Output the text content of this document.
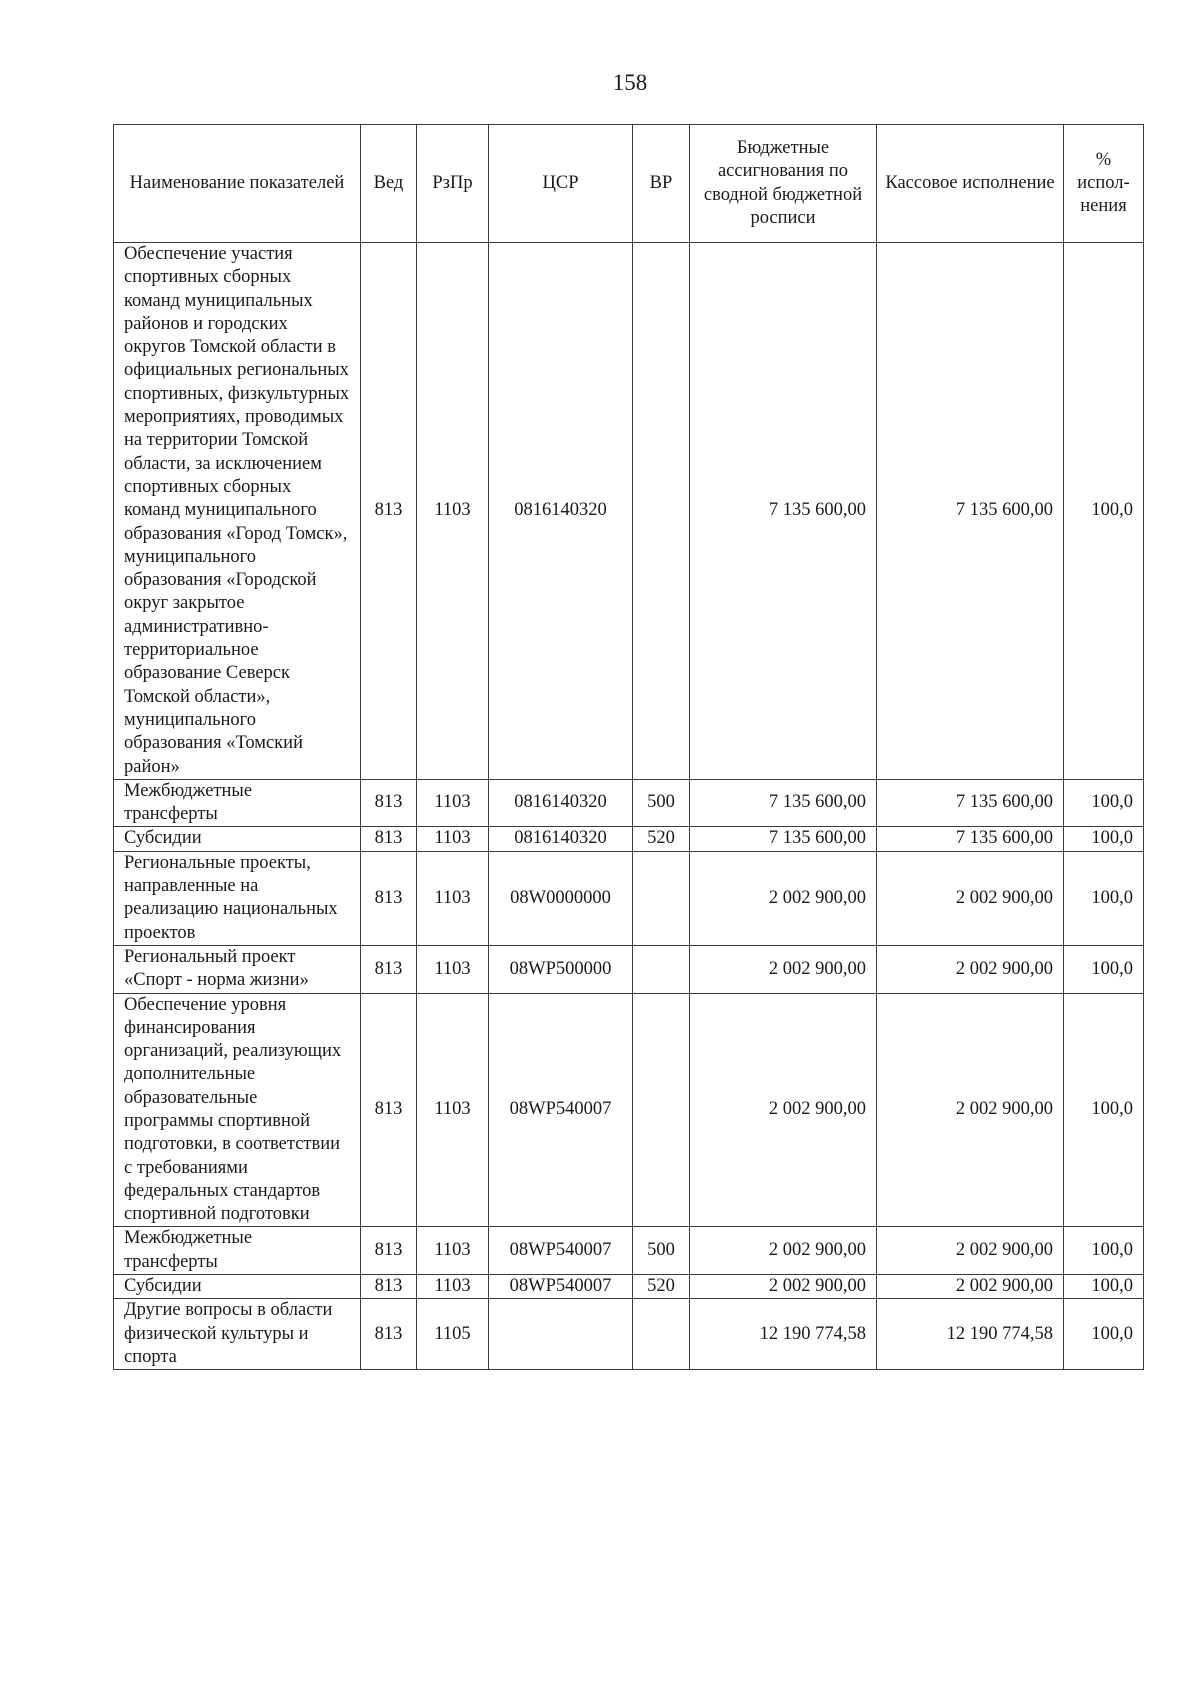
158
Наименование показателей	Вед	РзПр	ЦСР	ВР	Бюджетные ассигнования по сводной бюджетной росписи	Кассовое исполнение	% испол-нения
Обеспечение участия спортивных сборных команд муниципальных районов и городских округов Томской области в официальных региональных спортивных, физкультурных мероприятиях, проводимых на территории Томской области, за исключением спортивных сборных команд муниципального образования «Город Томск», муниципального образования «Городской округ закрытое административно-территориальное образование Северск Томской области», муниципального образования «Томский район»	813	1103	0816140320		7 135 600,00	7 135 600,00	100,0
Межбюджетные трансферты	813	1103	0816140320	500	7 135 600,00	7 135 600,00	100,0
Субсидии	813	1103	0816140320	520	7 135 600,00	7 135 600,00	100,0
Региональные проекты, направленные на реализацию национальных проектов	813	1103	08W0000000		2 002 900,00	2 002 900,00	100,0
Региональный проект «Спорт - норма жизни»	813	1103	08WP500000		2 002 900,00	2 002 900,00	100,0
Обеспечение уровня финансирования организаций, реализующих дополнительные образовательные программы спортивной подготовки, в соответствии с требованиями федеральных стандартов спортивной подготовки	813	1103	08WP540007		2 002 900,00	2 002 900,00	100,0
Межбюджетные трансферты	813	1103	08WP540007	500	2 002 900,00	2 002 900,00	100,0
Субсидии	813	1103	08WP540007	520	2 002 900,00	2 002 900,00	100,0
Другие вопросы в области физической культуры и спорта	813	1105			12 190 774,58	12 190 774,58	100,0
